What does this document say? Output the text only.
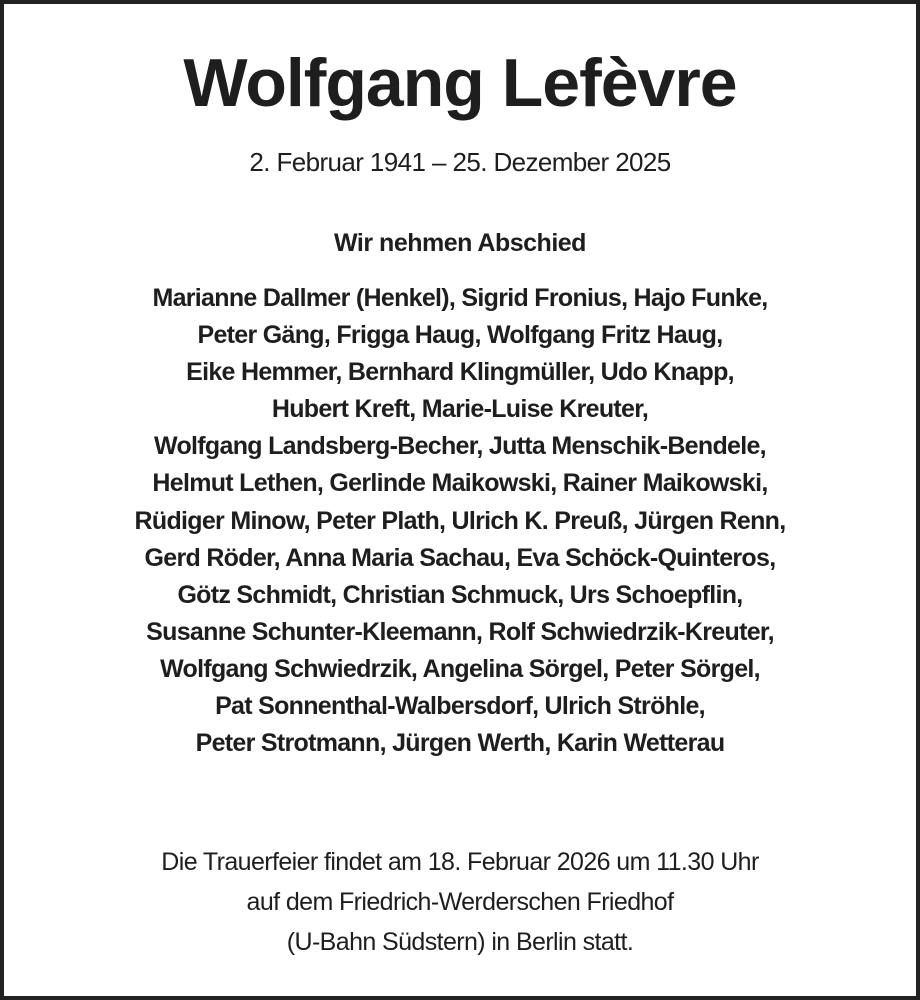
Wolfgang Lefèvre
2. Februar 1941 – 25. Dezember 2025
Wir nehmen Abschied
Marianne Dallmer (Henkel), Sigrid Fronius, Hajo Funke,
Peter Gäng, Frigga Haug, Wolfgang Fritz Haug,
Eike Hemmer, Bernhard Klingmüller, Udo Knapp,
Hubert Kreft, Marie-Luise Kreuter,
Wolfgang Landsberg-Becher, Jutta Menschik-Bendele,
Helmut Lethen, Gerlinde Maikowski, Rainer Maikowski,
Rüdiger Minow, Peter Plath, Ulrich K. Preuß, Jürgen Renn,
Gerd Röder, Anna Maria Sachau, Eva Schöck-Quinteros,
Götz Schmidt, Christian Schmuck, Urs Schoepflin,
Susanne Schunter-Kleemann, Rolf Schwiedrzik-Kreuter,
Wolfgang Schwiedrzik, Angelina Sörgel, Peter Sörgel,
Pat Sonnenthal-Walbersdorf, Ulrich Ströhle,
Peter Strotmann, Jürgen Werth, Karin Wetterau
Die Trauerfeier findet am 18. Februar 2026 um 11.30 Uhr
auf dem Friedrich-Werderschen Friedhof
(U-Bahn Südstern) in Berlin statt.
